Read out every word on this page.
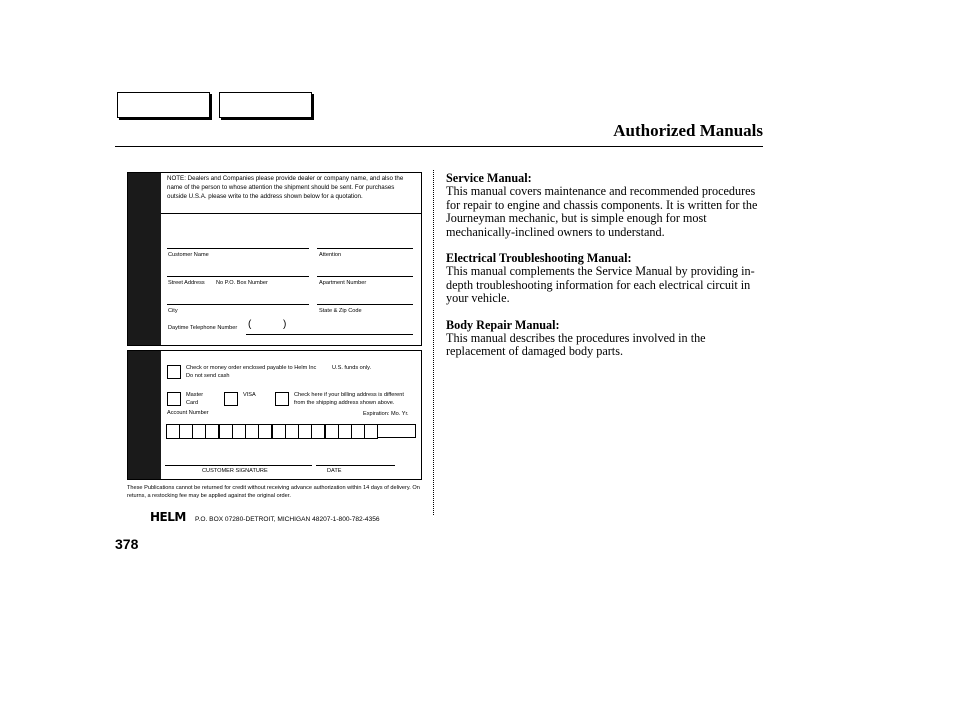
Authorized Manuals
NOTE: Dealers and Companies please provide dealer or company name, and also the name of the person to whose attention the shipment should be sent. For purchases outside U.S.A. please write to the address shown below for a quotation.
Customer Name	Attention
Street Address No P.O. Box Number	Apartment Number
City	State & Zip Code
Daytime Telephone Number (	)
Check or money order enclosed payable to Helm Inc	U.S. funds only.
Do not send cash
Master
Card
VISA	Check here if your billing address is different
from the shipping address shown above.
Account Number	Expiration: Mo. Yr.
CUSTOMER SIGNATURE	DATE
These Publications cannot be returned for credit without receiving advance authorization within 14 days of delivery. On returns, a restocking fee may be applied against the original order.
HELM P.O. BOX 07280-DETROIT, MICHIGAN 48207-1-800-782-4356
378
Service Manual:

This manual covers maintenance and recommended procedures for repair to engine and chassis components. It is written for the Journeyman mechanic, but is simple enough for most mechanically-inclined owners to understand.

Electrical Troubleshooting Manual:

This manual complements the Service Manual by providing in-depth troubleshooting information for each electrical circuit in your vehicle.

Body Repair Manual:

This manual describes the procedures involved in the replacement of damaged body parts.
